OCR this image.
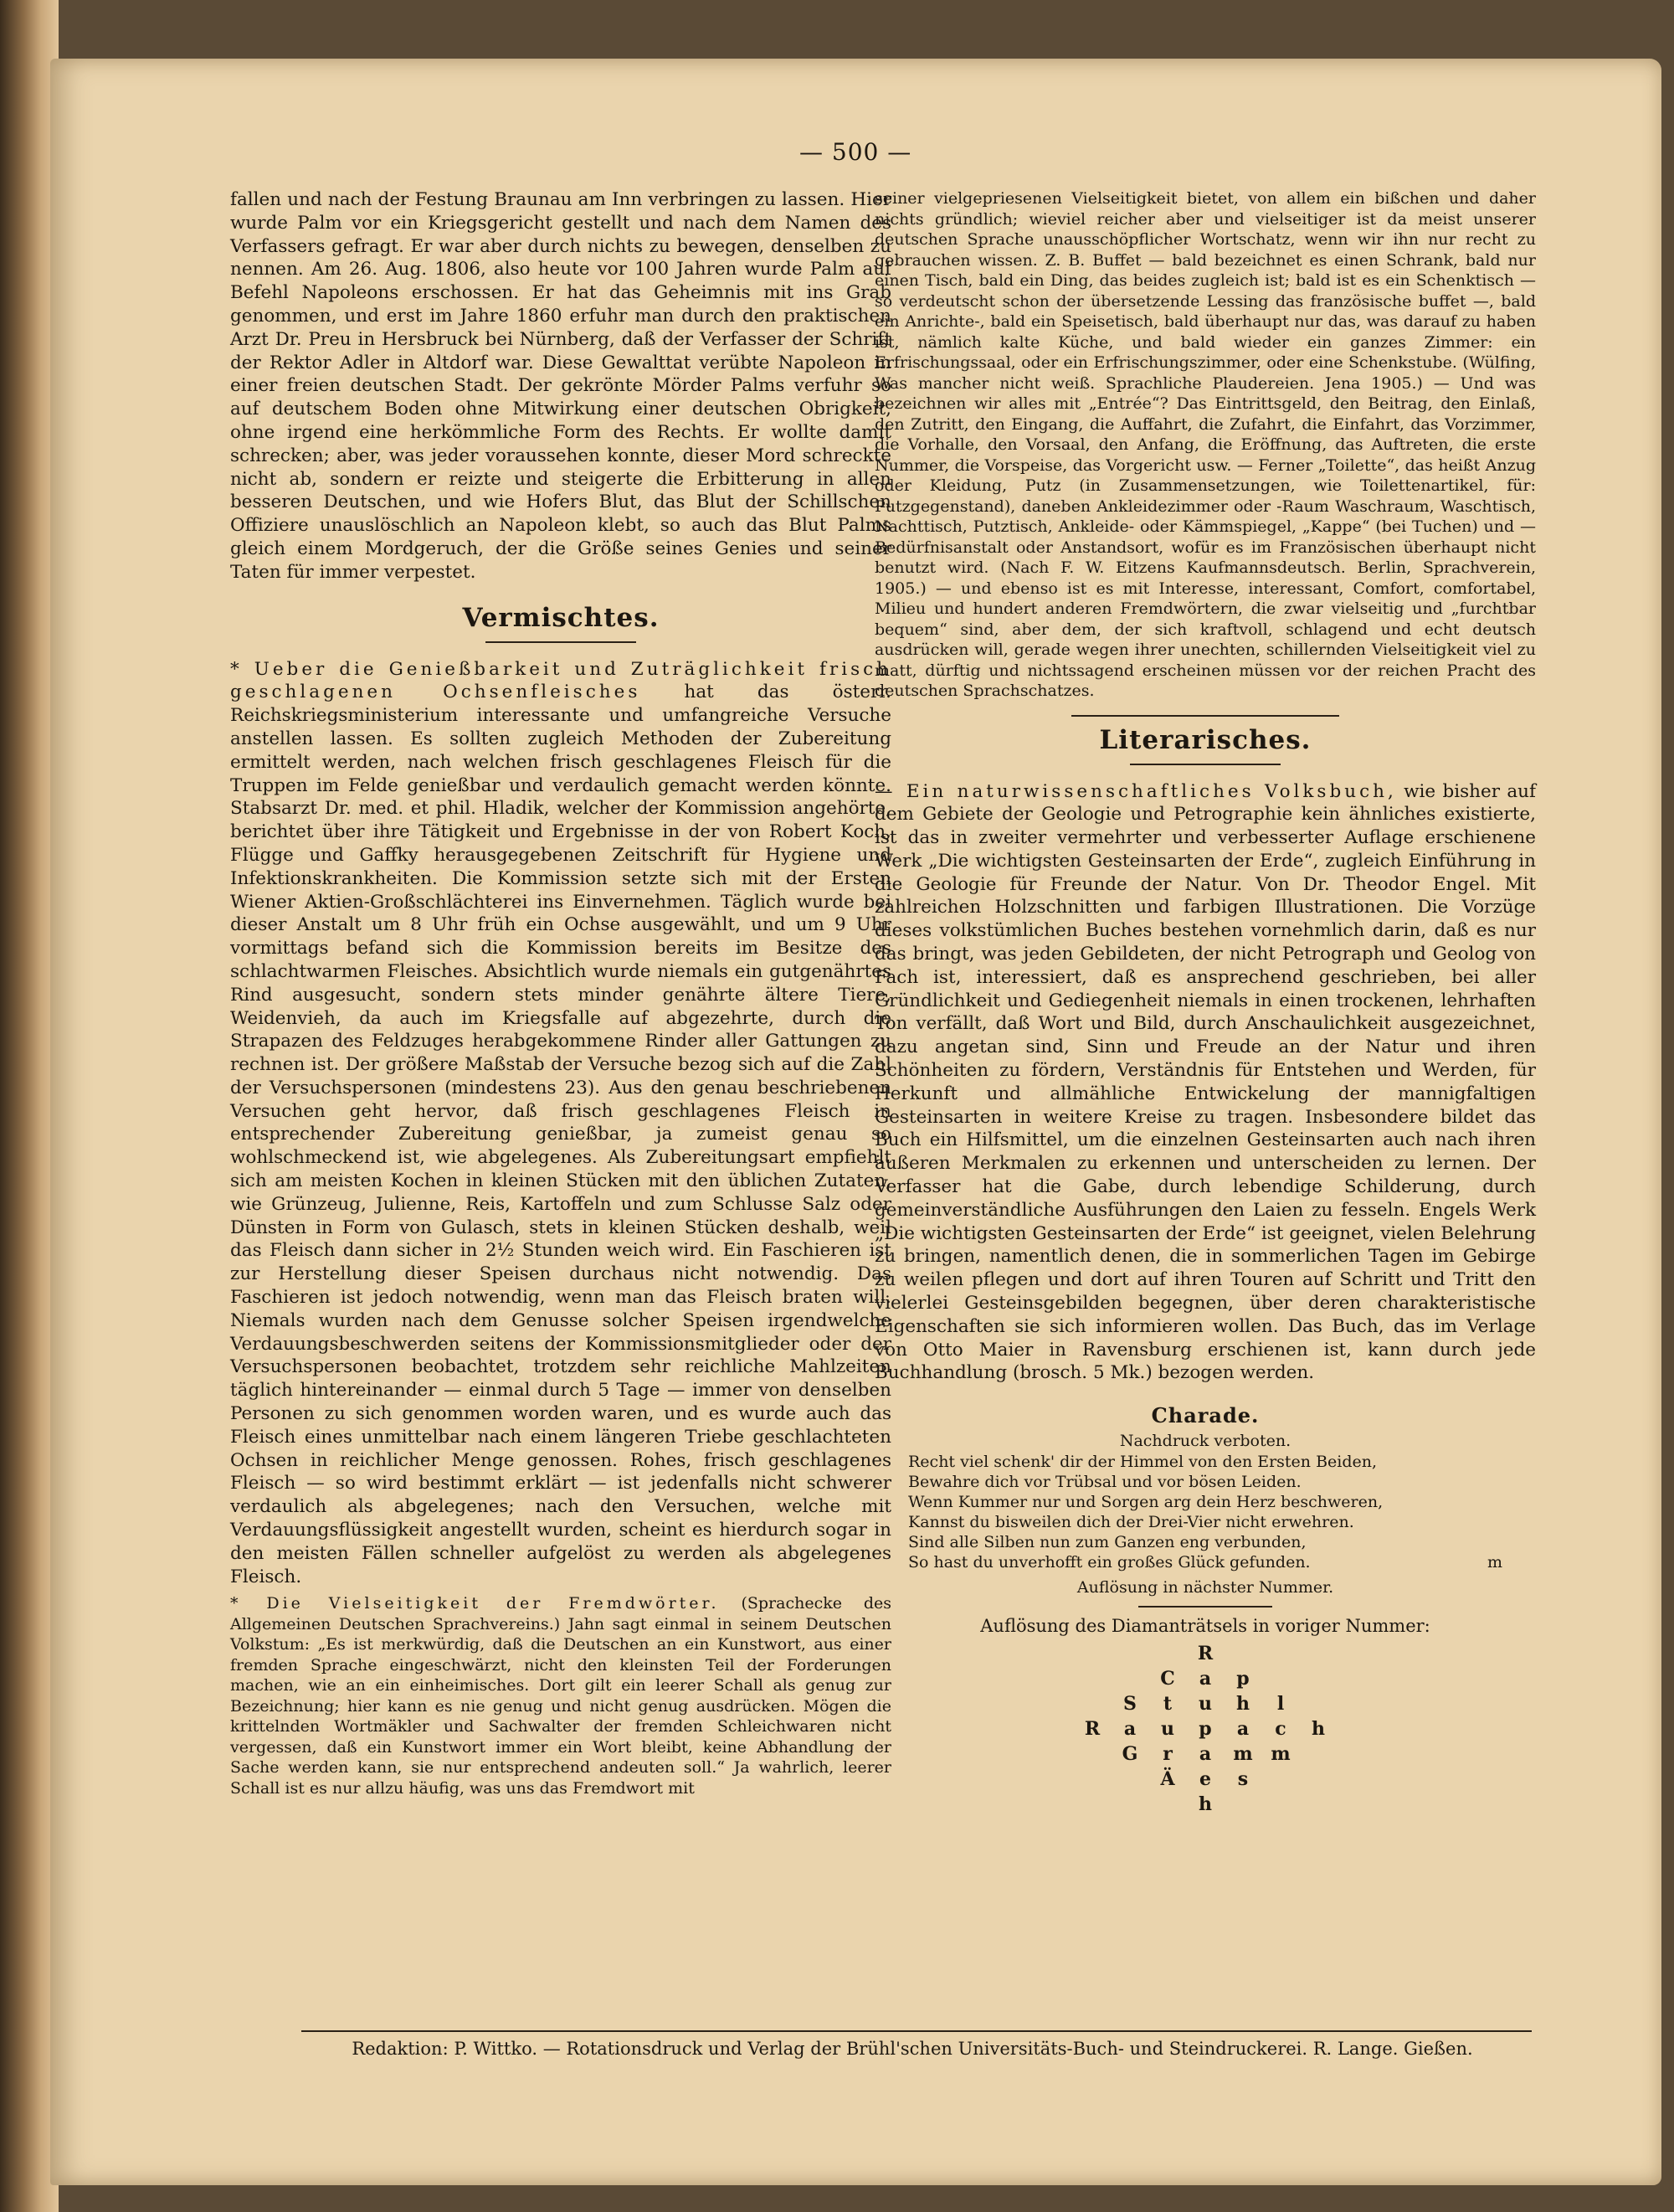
— 500 —

fallen und nach der Festung Braunau am Inn verbringen zu lassen. Hier wurde Palm vor ein Kriegsgericht gestellt und nach dem Namen des Verfassers gefragt. Er war aber durch nichts zu bewegen, denselben zu nennen. Am 26. Aug. 1806, also heute vor 100 Jahren wurde Palm auf Befehl Napoleons erschossen. Er hat das Geheimnis mit ins Grab genommen, und erst im Jahre 1860 erfuhr man durch den praktischen Arzt Dr. Preu in Hersbruck bei Nürnberg, daß der Verfasser der Schrift der Rektor Adler in Altdorf war. Diese Gewalttat verübte Napoleon in einer freien deutschen Stadt. Der gekrönte Mörder Palms verfuhr so auf deutschem Boden ohne Mitwirkung einer deutschen Obrigkeit, ohne irgend eine herkömmliche Form des Rechts. Er wollte damit schrecken; aber, was jeder voraussehen konnte, dieser Mord schreckte nicht ab, sondern er reizte und steigerte die Erbitterung in allen besseren Deutschen, und wie Hofers Blut, das Blut der Schillschen Offiziere unauslöschlich an Napoleon klebt, so auch das Blut Palms gleich einem Mordgeruch, der die Größe seines Genies und seiner Taten für immer verpestet.

Vermischtes.

* Ueber die Genießbarkeit und Zuträglichkeit frisch geschlagenen Ochsenfleisches hat das österr. Reichskriegsministerium interessante und umfangreiche Versuche anstellen lassen. Es sollten zugleich Methoden der Zubereitung ermittelt werden, nach welchen frisch geschlagenes Fleisch für die Truppen im Felde genießbar und verdaulich gemacht werden könnte. Stabsarzt Dr. med. et phil. Hladik, welcher der Kommission angehörte, berichtet über ihre Tätigkeit und Ergebnisse in der von Robert Koch, Flügge und Gaffky herausgegebenen Zeitschrift für Hygiene und Infektionskrankheiten. Die Kommission setzte sich mit der Ersten Wiener Aktien-Großschlächterei ins Einvernehmen. Täglich wurde bei dieser Anstalt um 8 Uhr früh ein Ochse ausgewählt, und um 9 Uhr vormittags befand sich die Kommission bereits im Besitze des schlachtwarmen Fleisches. Absichtlich wurde niemals ein gutgenährtes Rind ausgesucht, sondern stets minder genährte ältere Tiere, Weidenvieh, da auch im Kriegsfalle auf abgezehrte, durch die Strapazen des Feldzuges herabgekommene Rinder aller Gattungen zu rechnen ist. Der größere Maßstab der Versuche bezog sich auf die Zahl der Versuchspersonen (mindestens 23). Aus den genau beschriebenen Versuchen geht hervor, daß frisch geschlagenes Fleisch in entsprechender Zubereitung genießbar, ja zumeist genau so wohlschmeckend ist, wie abgelegenes. Als Zubereitungsart empfiehlt sich am meisten Kochen in kleinen Stücken mit den üblichen Zutaten, wie Grünzeug, Julienne, Reis, Kartoffeln und zum Schlusse Salz oder Dünsten in Form von Gulasch, stets in kleinen Stücken deshalb, weil das Fleisch dann sicher in 2½ Stunden weich wird. Ein Faschieren ist zur Herstellung dieser Speisen durchaus nicht notwendig. Das Faschieren ist jedoch notwendig, wenn man das Fleisch braten will. Niemals wurden nach dem Genusse solcher Speisen irgendwelche Verdauungsbeschwerden seitens der Kommissionsmitglieder oder der Versuchspersonen beobachtet, trotzdem sehr reichliche Mahlzeiten täglich hintereinander — einmal durch 5 Tage — immer von denselben Personen zu sich genommen worden waren, und es wurde auch das Fleisch eines unmittelbar nach einem längeren Triebe geschlachteten Ochsen in reichlicher Menge genossen. Rohes, frisch geschlagenes Fleisch — so wird bestimmt erklärt — ist jedenfalls nicht schwerer verdaulich als abgelegenes; nach den Versuchen, welche mit Verdauungsflüssigkeit angestellt wurden, scheint es hierdurch sogar in den meisten Fällen schneller aufgelöst zu werden als abgelegenes Fleisch.

* Die Vielseitigkeit der Fremdwörter. (Sprachecke des Allgemeinen Deutschen Sprachvereins.) Jahn sagt einmal in seinem Deutschen Volkstum: „Es ist merkwürdig, daß die Deutschen an ein Kunstwort, aus einer fremden Sprache eingeschwärzt, nicht den kleinsten Teil der Forderungen machen, wie an ein einheimisches. Dort gilt ein leerer Schall als genug zur Bezeichnung; hier kann es nie genug und nicht genug ausdrücken. Mögen die krittelnden Wortmäkler und Sachwalter der fremden Schleichwaren nicht vergessen, daß ein Kunstwort immer ein Wort bleibt, keine Abhandlung der Sache werden kann, sie nur entsprechend andeuten soll.“ Ja wahrlich, leerer Schall ist es nur allzu häufig, was uns das Fremdwort mit

seiner vielgepriesenen Vielseitigkeit bietet, von allem ein bißchen und daher nichts gründlich; wieviel reicher aber und vielseitiger ist da meist unserer deutschen Sprache unausschöpflicher Wortschatz, wenn wir ihn nur recht zu gebrauchen wissen. Z. B. Buffet — bald bezeichnet es einen Schrank, bald nur einen Tisch, bald ein Ding, das beides zugleich ist; bald ist es ein Schenktisch — so verdeutscht schon der übersetzende Lessing das französische buffet —, bald ein Anrichte-, bald ein Speisetisch, bald überhaupt nur das, was darauf zu haben ist, nämlich kalte Küche, und bald wieder ein ganzes Zimmer: ein Erfrischungssaal, oder ein Erfrischungszimmer, oder eine Schenkstube. (Wülfing, Was mancher nicht weiß. Sprachliche Plaudereien. Jena 1905.) — Und was bezeichnen wir alles mit „Entrée“? Das Eintrittsgeld, den Beitrag, den Einlaß, den Zutritt, den Eingang, die Auffahrt, die Zufahrt, die Einfahrt, das Vorzimmer, die Vorhalle, den Vorsaal, den Anfang, die Eröffnung, das Auftreten, die erste Nummer, die Vorspeise, das Vorgericht usw. — Ferner „Toilette“, das heißt Anzug oder Kleidung, Putz (in Zusammensetzungen, wie Toilettenartikel, für: Putzgegenstand), daneben Ankleidezimmer oder -Raum Waschraum, Waschtisch, Nachttisch, Putztisch, Ankleide- oder Kämmspiegel, „Kappe“ (bei Tuchen) und — Bedürfnisanstalt oder Anstandsort, wofür es im Französischen überhaupt nicht benutzt wird. (Nach F. W. Eitzens Kaufmannsdeutsch. Berlin, Sprachverein, 1905.) — und ebenso ist es mit Interesse, interessant, Comfort, comfortabel, Milieu und hundert anderen Fremdwörtern, die zwar vielseitig und „furchtbar bequem“ sind, aber dem, der sich kraftvoll, schlagend und echt deutsch ausdrücken will, gerade wegen ihrer unechten, schillernden Vielseitigkeit viel zu matt, dürftig und nichtssagend erscheinen müssen vor der reichen Pracht des deutschen Sprachschatzes.

Literarisches.

— Ein naturwissenschaftliches Volksbuch, wie bisher auf dem Gebiete der Geologie und Petrographie kein ähnliches existierte, ist das in zweiter vermehrter und verbesserter Auflage erschienene Werk „Die wichtigsten Gesteinsarten der Erde“, zugleich Einführung in die Geologie für Freunde der Natur. Von Dr. Theodor Engel. Mit zahlreichen Holzschnitten und farbigen Illustrationen. Die Vorzüge dieses volkstümlichen Buches bestehen vornehmlich darin, daß es nur das bringt, was jeden Gebildeten, der nicht Petrograph und Geolog von Fach ist, interessiert, daß es ansprechend geschrieben, bei aller Gründlichkeit und Gediegenheit niemals in einen trockenen, lehrhaften Ton verfällt, daß Wort und Bild, durch Anschaulichkeit ausgezeichnet, dazu angetan sind, Sinn und Freude an der Natur und ihren Schönheiten zu fördern, Verständnis für Entstehen und Werden, für Herkunft und allmähliche Entwickelung der mannigfaltigen Gesteinsarten in weitere Kreise zu tragen. Insbesondere bildet das Buch ein Hilfsmittel, um die einzelnen Gesteinsarten auch nach ihren äußeren Merkmalen zu erkennen und unterscheiden zu lernen. Der Verfasser hat die Gabe, durch lebendige Schilderung, durch gemeinverständliche Ausführungen den Laien zu fesseln. Engels Werk „Die wichtigsten Gesteinsarten der Erde“ ist geeignet, vielen Belehrung zu bringen, namentlich denen, die in sommerlichen Tagen im Gebirge zu weilen pflegen und dort auf ihren Touren auf Schritt und Tritt den vielerlei Gesteinsgebilden begegnen, über deren charakteristische Eigenschaften sie sich informieren wollen. Das Buch, das im Verlage von Otto Maier in Ravensburg erschienen ist, kann durch jede Buchhandlung (brosch. 5 Mk.) bezogen werden.

Charade.
Nachdruck verboten.
Recht viel schenk' dir der Himmel von den Ersten Beiden,
Bewahre dich vor Trübsal und vor bösen Leiden.
Wenn Kummer nur und Sorgen arg dein Herz beschweren,
Kannst du bisweilen dich der Drei-Vier nicht erwehren.
Sind alle Silben nun zum Ganzen eng verbunden,
So hast du unverhofft ein großes Glück gefunden.	m
Auflösung in nächster Nummer.
Auflösung des Diamanträtsels in voriger Nummer:
R
C	a	p
S	t	u	h	l
R	a	u	p	a	c	h
G	r	a	m m
Ä	e	s
h
Redaktion: P. Wittko. — Rotationsdruck und Verlag der Brühl'schen Universitäts-Buch- und Steindruckerei. R. Lange. Gießen.
